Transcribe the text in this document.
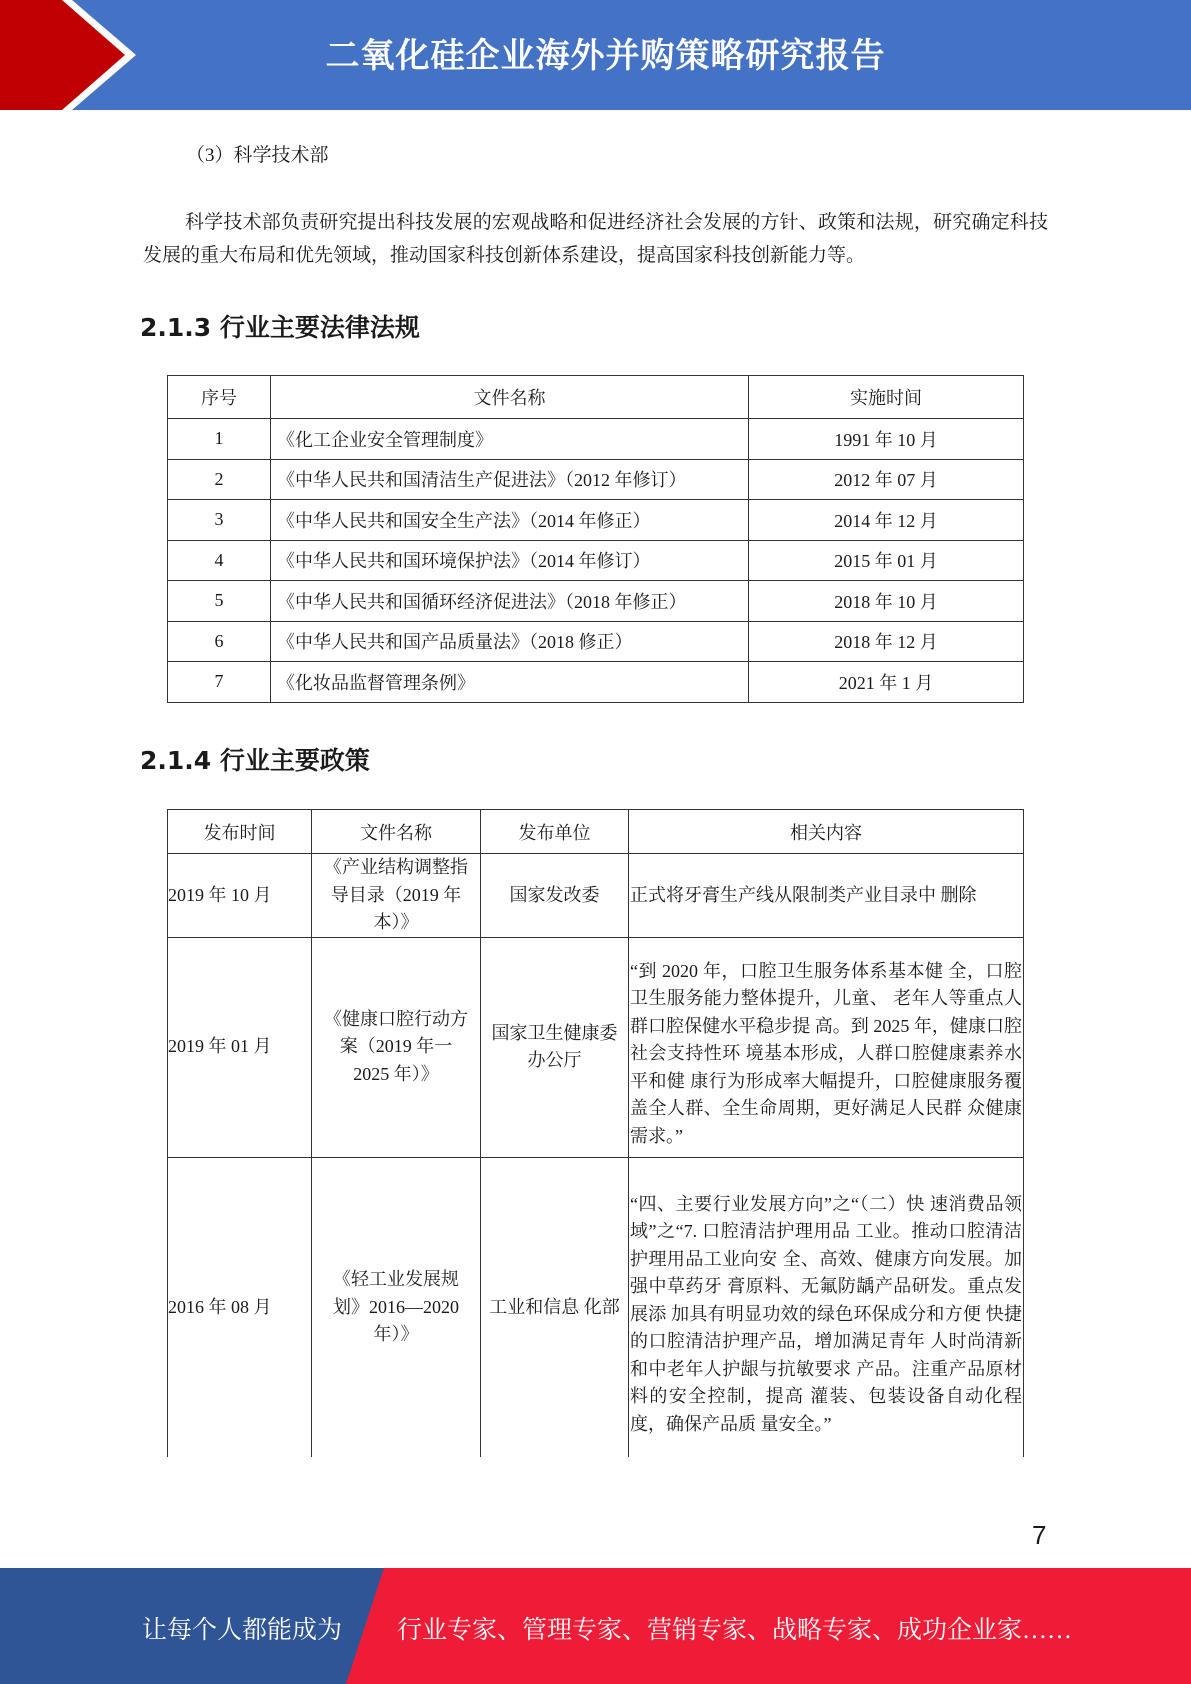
二氧化硅企业海外并购策略研究报告
（3）科学技术部

科学技术部负责研究提出科技发展的宏观战略和促进经济社会发展的方针、政策和法规，研究确定科技发展的重大布局和优先领域，推动国家科技创新体系建设，提高国家科技创新能力等。

2.1.3 行业主要法律法规
序号	文件名称	实施时间
1	《化工企业安全管理制度》	1991 年 10 月
2	《中华人民共和国清洁生产促进法》（2012 年修订）	2012 年 07 月
3	《中华人民共和国安全生产法》（2014 年修正）	2014 年 12 月
4	《中华人民共和国环境保护法》（2014 年修订）	2015 年 01 月
5	《中华人民共和国循环经济促进法》（2018 年修正）	2018 年 10 月
6	《中华人民共和国产品质量法》（2018 修正）	2018 年 12 月
7	《化妆品监督管理条例》	2021 年 1 月
2.1.4 行业主要政策
发布时间	文件名称	发布单位	相关内容
2019 年 10 月	《产业结构调整指导目录（2019 年本）》	国家发改委	正式将牙膏生产线从限制类产业目录中 删除
2019 年 01 月	《健康口腔行动方案（2019 年一 2025 年）》	国家卫生健康委办公厅	“到 2020 年，口腔卫生服务体系基本健 全，口腔卫生服务能力整体提升，儿童、 老年人等重点人群口腔保健水平稳步提 高。到 2025 年，健康口腔社会支持性环 境基本形成，人群口腔健康素养水平和健 康行为形成率大幅提升，口腔健康服务覆 盖全人群、全生命周期，更好满足人民群 众健康需求。”
2016 年 08 月	《轻工业发展规划》2016—2020 年）》	工业和信息 化部	“四、主要行业发展方向”之“（二）快 速消费品领域”之“7. 口腔清洁护理用品 工业。推动口腔清洁护理用品工业向安 全、高效、健康方向发展。加强中草药牙 膏原料、无氟防龋产品研发。重点发展添 加具有明显功效的绿色环保成分和方便 快捷的口腔清洁护理产品，增加满足青年 人时尚清新和中老年人护龈与抗敏要求 产品。注重产品原材料的安全控制，提高 灌装、包装设备自动化程度，确保产品质 量安全。”
7
让每个人都能成为 行业专家、管理专家、营销专家、战略专家、成功企业家……
